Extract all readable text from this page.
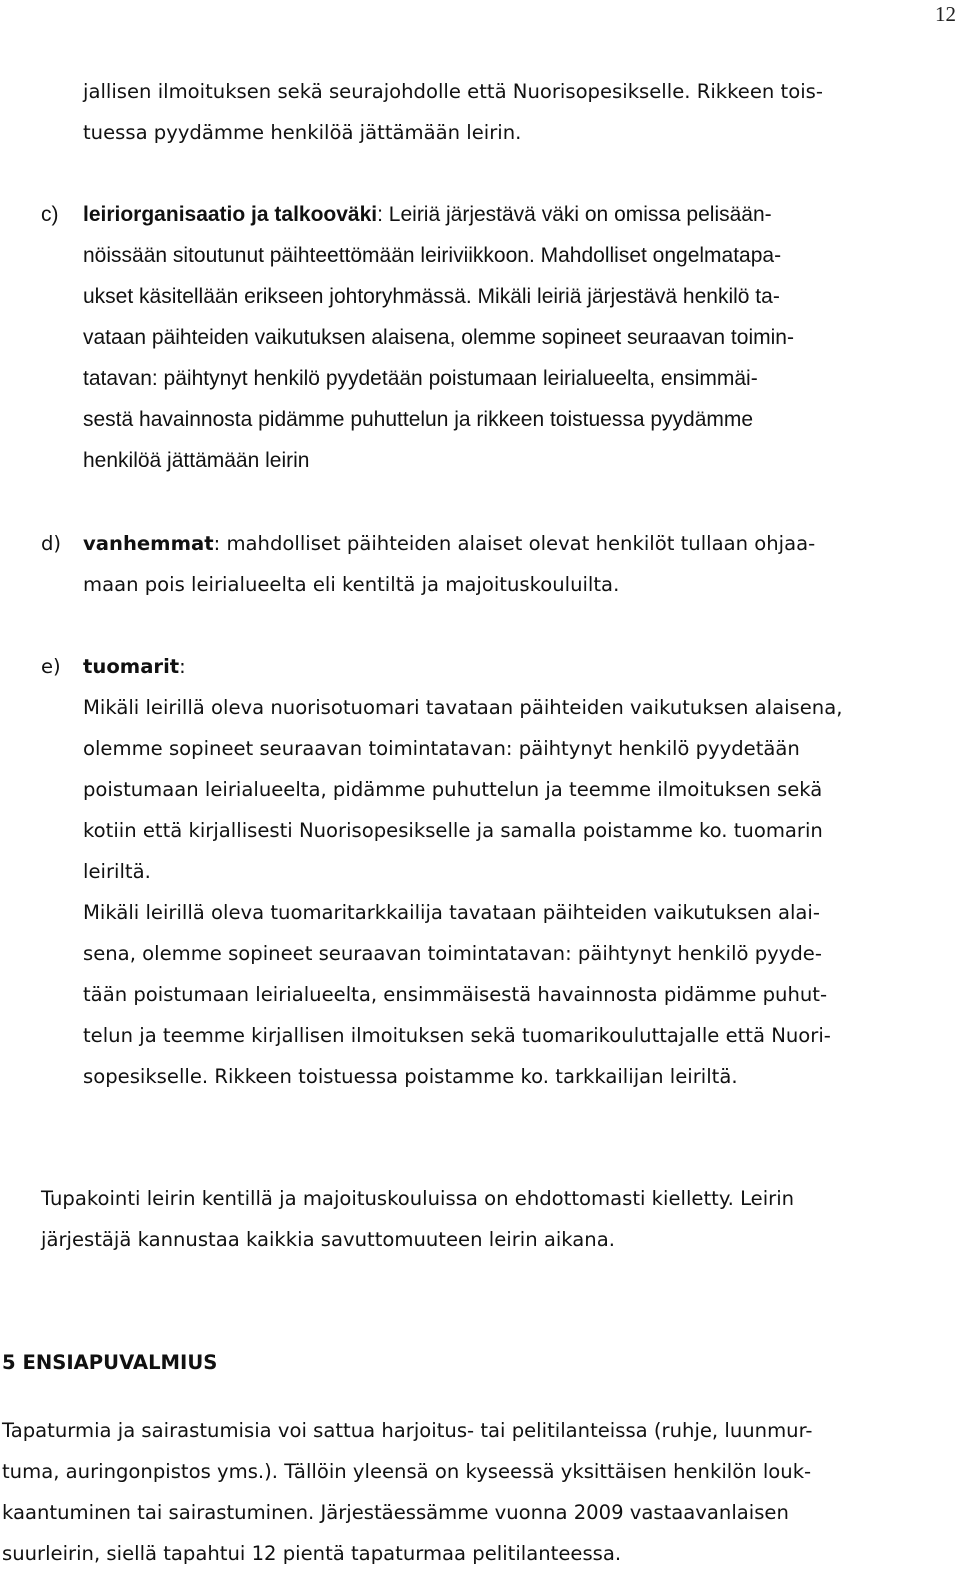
12
jallisen ilmoituksen sekä seurajohdolle että Nuorisopesikselle. Rikkeen tois-
tuessa pyydämme henkilöä jättämään leirin.
c) leiriorganisaatio ja talkooväki: Leiriä järjestävä väki on omissa pelisään-
nöissään sitoutunut päihteettömään leiriviikkoon. Mahdolliset ongelmatapa-
ukset käsitellään erikseen johtoryhmässä. Mikäli leiriä järjestävä henkilö ta-
vataan päihteiden vaikutuksen alaisena, olemme sopineet seuraavan toimin-
tatavan: päihtynyt henkilö pyydetään poistumaan leirialueelta, ensimmäi-
sestä havainnosta pidämme puhuttelun ja rikkeen toistuessa pyydämme
henkilöä jättämään leirin
d) vanhemmat: mahdolliset päihteiden alaiset olevat henkilöt tullaan ohjaa-
maan pois leirialueelta eli kentiltä ja majoituskouluilta.
e) tuomarit:
Mikäli leirillä oleva nuorisotuomari tavataan päihteiden vaikutuksen alaisena,
olemme sopineet seuraavan toimintatavan: päihtynyt henkilö pyydetään
poistumaan leirialueelta, pidämme puhuttelun ja teemme ilmoituksen sekä
kotiin että kirjallisesti Nuorisopesikselle ja samalla poistamme ko. tuomarin
leiriltä.
Mikäli leirillä oleva tuomaritarkkailija tavataan päihteiden vaikutuksen alai-
sena, olemme sopineet seuraavan toimintatavan: päihtynyt henkilö pyyde-
tään poistumaan leirialueelta, ensimmäisestä havainnosta pidämme puhut-
telun ja teemme kirjallisen ilmoituksen sekä tuomarikouluttajalle että Nuori-
sopesikselle. Rikkeen toistuessa poistamme ko. tarkkailijan leiriltä.
Tupakointi leirin kentillä ja majoituskouluissa on ehdottomasti kielletty. Leirin
järjestäjä kannustaa kaikkia savuttomuuteen leirin aikana.
5 ENSIAPUVALMIUS
Tapaturmia ja sairastumisia voi sattua harjoitus- tai pelitilanteissa (ruhje, luunmur-
tuma, auringonpistos yms.). Tällöin yleensä on kyseessä yksittäisen henkilön louk-
kaantuminen tai sairastuminen. Järjestäessämme vuonna 2009 vastaavanlaisen
suurleirin, siellä tapahtui 12 pientä tapaturmaa pelitilanteessa.
